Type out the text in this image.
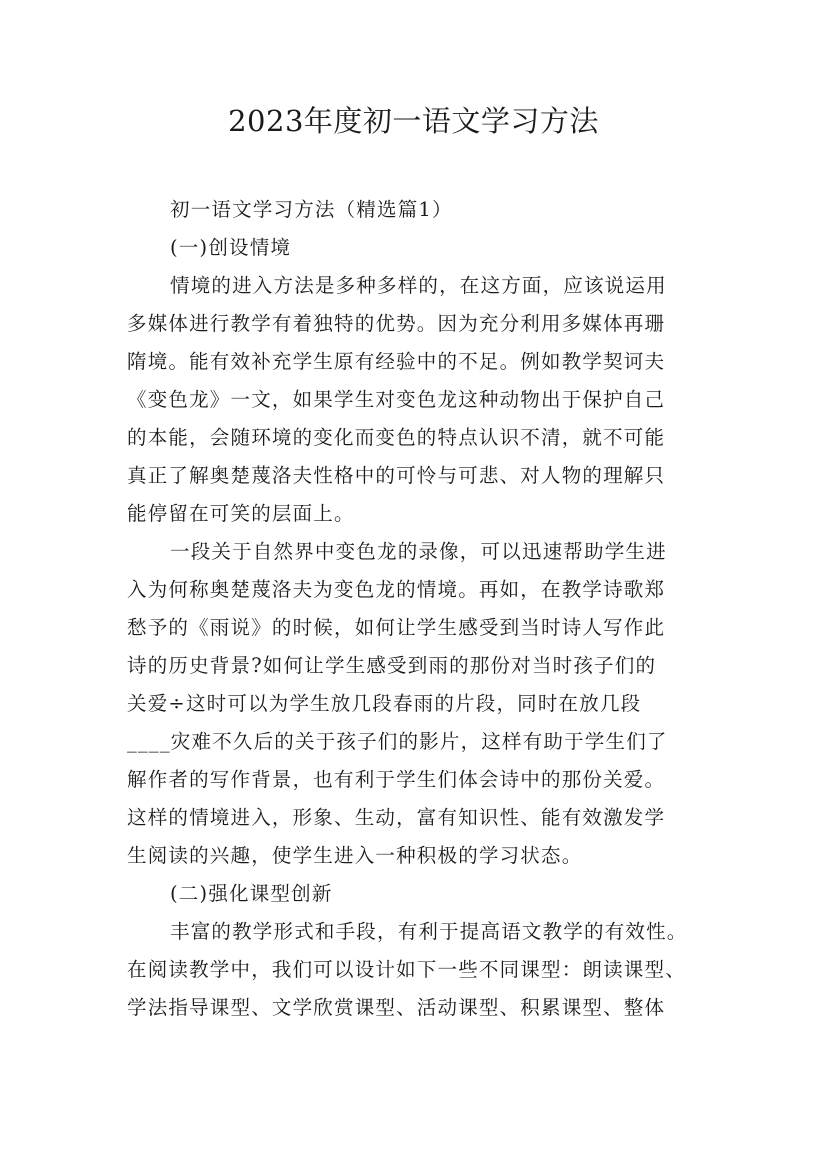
2023年度初一语文学习方法
初一语文学习方法（精选篇1）
(一)创设情境
情境的进入方法是多种多样的，在这方面，应该说运用
多媒体进行教学有着独特的优势。因为充分利用多媒体再珊
隋境。能有效补充学生原有经验中的不足。例如教学契诃夫
《变色龙》一文，如果学生对变色龙这种动物出于保护自己
的本能，会随环境的变化而变色的特点认识不清，就不可能
真正了解奥楚蔑洛夫性格中的可怜与可悲、对人物的理解只
能停留在可笑的层面上。
一段关于自然界中变色龙的录像，可以迅速帮助学生进
入为何称奥楚蔑洛夫为变色龙的情境。再如，在教学诗歌郑
愁予的《雨说》的时候，如何让学生感受到当时诗人写作此
诗的历史背景?如何让学生感受到雨的那份对当时孩子们的
关爱÷这时可以为学生放几段春雨的片段，同时在放几段
____灾难不久后的关于孩子们的影片，这样有助于学生们了
解作者的写作背景，也有利于学生们体会诗中的那份关爱。
这样的情境进入，形象、生动，富有知识性、能有效激发学
生阅读的兴趣，使学生进入一种积极的学习状态。
(二)强化课型创新
丰富的教学形式和手段，有利于提高语文教学的有效性。
在阅读教学中，我们可以设计如下一些不同课型：朗读课型、
学法指导课型、文学欣赏课型、活动课型、积累课型、整体
